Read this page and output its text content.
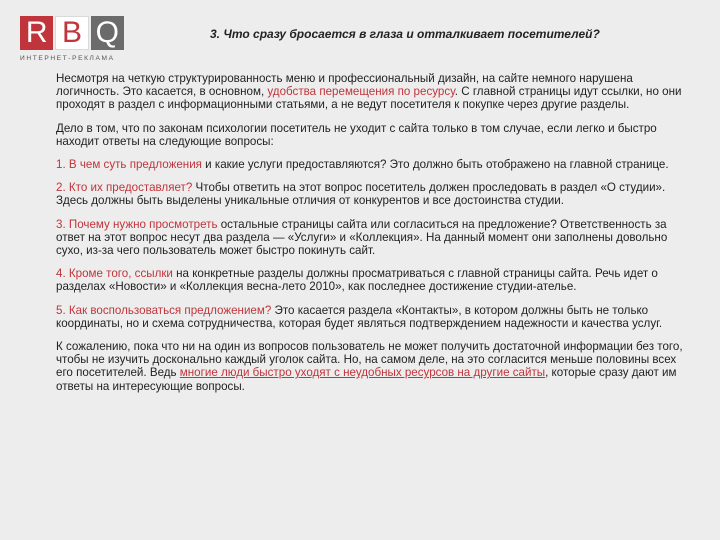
R B Q
ИНТЕРНЕТ-РЕКЛАМА
3. Что сразу бросается в глаза и отталкивает посетителей?

Несмотря на четкую структурированность меню и профессиональный дизайн, на сайте немного нарушена логичность. Это касается, в основном, удобства перемещения по ресурсу. С главной страницы идут ссылки, но они проходят в раздел с информационными статьями, а не ведут посетителя к покупке через другие разделы.

Дело в том, что по законам психологии посетитель не уходит с сайта только в том случае, если легко и быстро находит ответы на следующие вопросы:

1. В чем суть предложения и какие услуги предоставляются? Это должно быть отображено на главной странице.

2. Кто их предоставляет? Чтобы ответить на этот вопрос посетитель должен проследовать в раздел «О студии». Здесь должны быть выделены уникальные отличия от конкурентов и все достоинства студии.

3. Почему нужно просмотреть остальные страницы сайта или согласиться на предложение? Ответственность за ответ на этот вопрос несут два раздела — «Услуги» и «Коллекция». На данный момент они заполнены довольно сухо, из-за чего пользователь может быстро покинуть сайт.

4. Кроме того, ссылки на конкретные разделы должны просматриваться с главной страницы сайта. Речь идет о разделах «Новости» и «Коллекция весна-лето 2010», как последнее достижение студии-ателье.

5. Как воспользоваться предложением? Это касается раздела «Контакты», в котором должны быть не только координаты, но и схема сотрудничества, которая будет являться подтверждением надежности и качества услуг.

К сожалению, пока что ни на один из вопросов пользователь не может получить достаточной информации без того, чтобы не изучить досконально каждый уголок сайта. Но, на самом деле, на это согласится меньше половины всех его посетителей. Ведь многие люди быстро уходят с неудобных ресурсов на другие сайты, которые сразу дают им ответы на интересующие вопросы.
